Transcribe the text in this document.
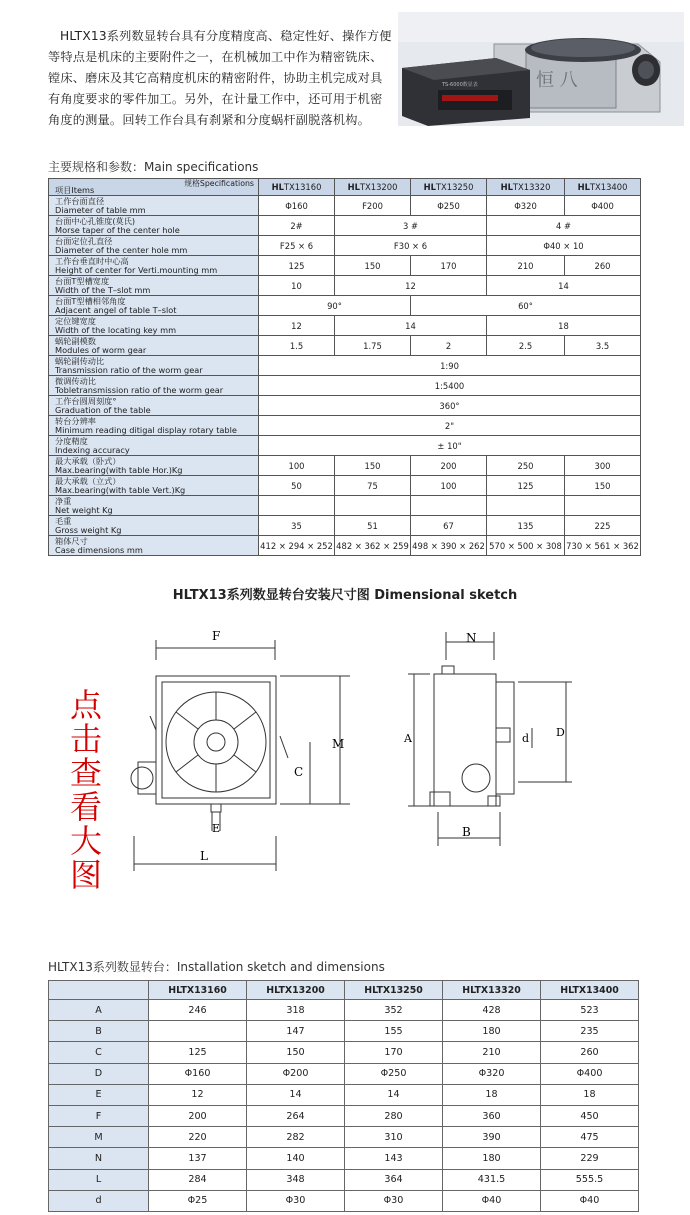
HLTX13系列数显转台具有分度精度高、稳定性好、操作方便等特点是机床的主要附件之一，在机械加工中作为精密铣床、镗床、磨床及其它高精度机床的精密附件，协助主机完成对具有角度要求的零件加工。另外，在计量工作中，还可用于机密角度的测量。回转工作台具有刹紧和分度蜗杆副脱落机构。
恒 八
TS-6000数显表
主要规格和参数：Main specifications
规格Specifications
项目Items	HLTX13160	HLTX13200	HLTX13250	HLTX13320	HLTX13400

工作台面直径
Diameter of table mm	Φ160	F200	Φ250	Φ320	Φ400

台面中心孔锥度(莫氏)
Morse taper of the center hole	2#	3 #		4 #	

台面定位孔直径
Diameter of the center hole mm	F25 × 6	F30 × 6		Φ40 × 10	

工作台垂直时中心高
Height of center for Verti.mounting mm	125	150	170	210	260

台面T型槽宽度
Width of the T–slot mm	10	12		14	

台面T型槽相邻角度
Adjacent angel of table T–slot	90°		60°		

定位键宽度
Width of the locating key mm	12	14		18	

蜗轮副模数
Modules of worm gear	1.5	1.75	2	2.5	3.5

蜗轮副传动比
Transmission ratio of the worm gear	1:90				

微调传动比
Tobletransmission ratio of the worm gear	1:5400				

工作台圆周刻度°
Graduation of the table	360°				

转台分辨率
Minimum reading ditigal display rotary table	2"				

分度精度
Indexing accuracy	± 10"				

最大承载（卧式）
Max.bearing(with table Hor.)Kg	100	150	200	250	300

最大承载（立式）
Max.bearing(with table Vert.)Kg	50	75	100	125	150

净重
Net weight Kg					

毛重
Gross weight Kg	35	51	67	135	225

箱体尺寸
Case dimensions mm	412 × 294 × 252	482 × 362 × 259	498 × 390 × 262	570 × 500 × 308	730 × 561 × 362
HLTX13系列数显转台安装尺寸图 Dimensional sketch
点击查看大图
F
M
C
E
L
N
A	D
d
B
HLTX13系列数显转台：Installation sketch and dimensions
	HLTX13160	HLTX13200	HLTX13250	HLTX13320	HLTX13400
A	246	318	352	428	523
B		147	155	180	235
C	125	150	170	210	260
D	Φ160	Φ200	Φ250	Φ320	Φ400
E	12	14	14	18	18
F	200	264	280	360	450
M	220	282	310	390	475
N	137	140	143	180	229
L	284	348	364	431.5	555.5
d	Φ25	Φ30	Φ30	Φ40	Φ40
